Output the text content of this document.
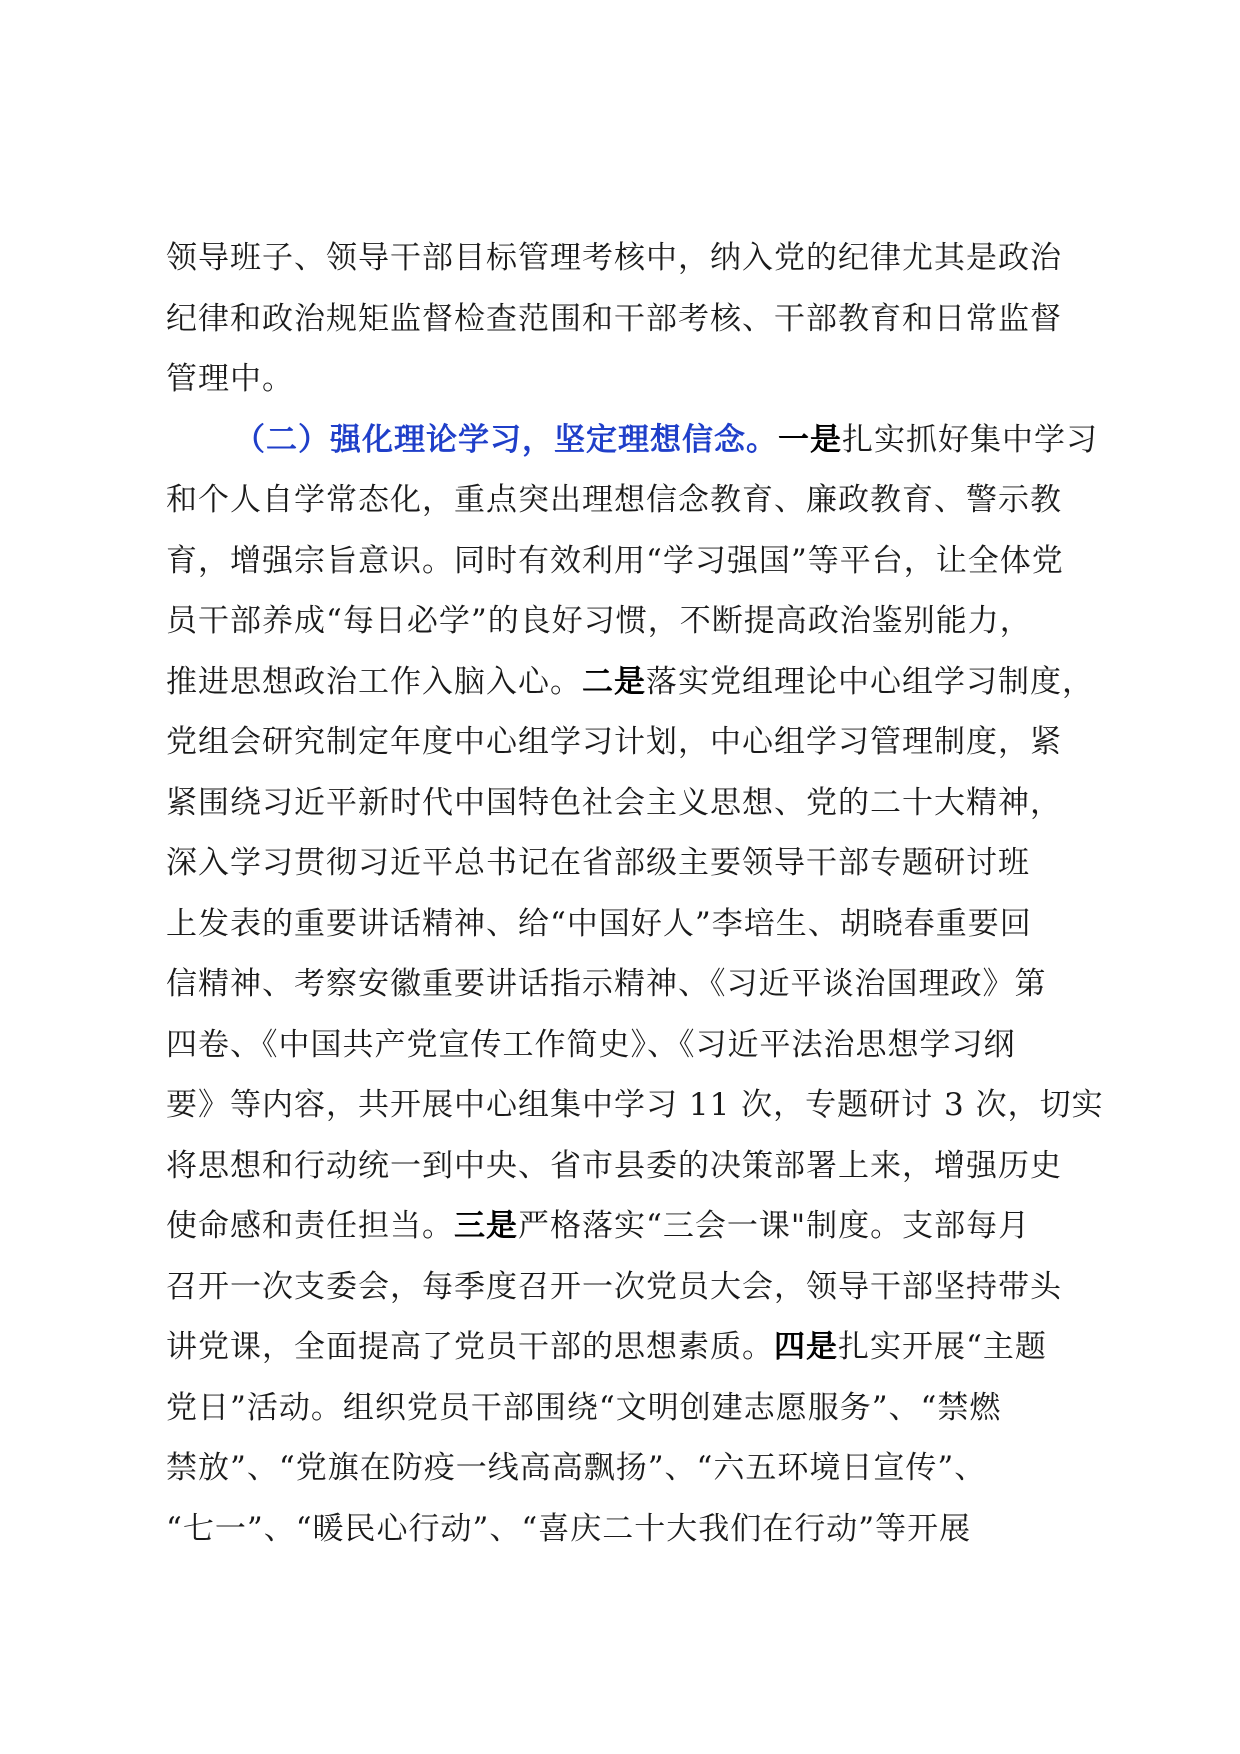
领导班子、领导干部目标管理考核中，纳入党的纪律尤其是政治
纪律和政治规矩监督检查范围和干部考核、干部教育和日常监督
管理中。
（二）强化理论学习，坚定理想信念。一是扎实抓好集中学习
和个人自学常态化，重点突出理想信念教育、廉政教育、警示教
育，增强宗旨意识。同时有效利用“学习强国”等平台，让全体党
员干部养成“每日必学”的良好习惯，不断提高政治鉴别能力，
推进思想政治工作入脑入心。二是落实党组理论中心组学习制度，
党组会研究制定年度中心组学习计划，中心组学习管理制度，紧
紧围绕习近平新时代中国特色社会主义思想、党的二十大精神，
深入学习贯彻习近平总书记在省部级主要领导干部专题研讨班
上发表的重要讲话精神、给“中国好人”李培生、胡晓春重要回
信精神、考察安徽重要讲话指示精神、《习近平谈治国理政》第
四卷、《中国共产党宣传工作简史》、《习近平法治思想学习纲
要》等内容，共开展中心组集中学习 11 次，专题研讨 3 次，切实
将思想和行动统一到中央、省市县委的决策部署上来，增强历史
使命感和责任担当。三是严格落实“三会一课"制度。支部每月
召开一次支委会，每季度召开一次党员大会，领导干部坚持带头
讲党课，全面提高了党员干部的思想素质。四是扎实开展“主题
党日”活动。组织党员干部围绕“文明创建志愿服务”、“禁燃
禁放”、“党旗在防疫一线高高飘扬”、“六五环境日宣传”、
“七一”、“暖民心行动”、“喜庆二十大我们在行动”等开展
